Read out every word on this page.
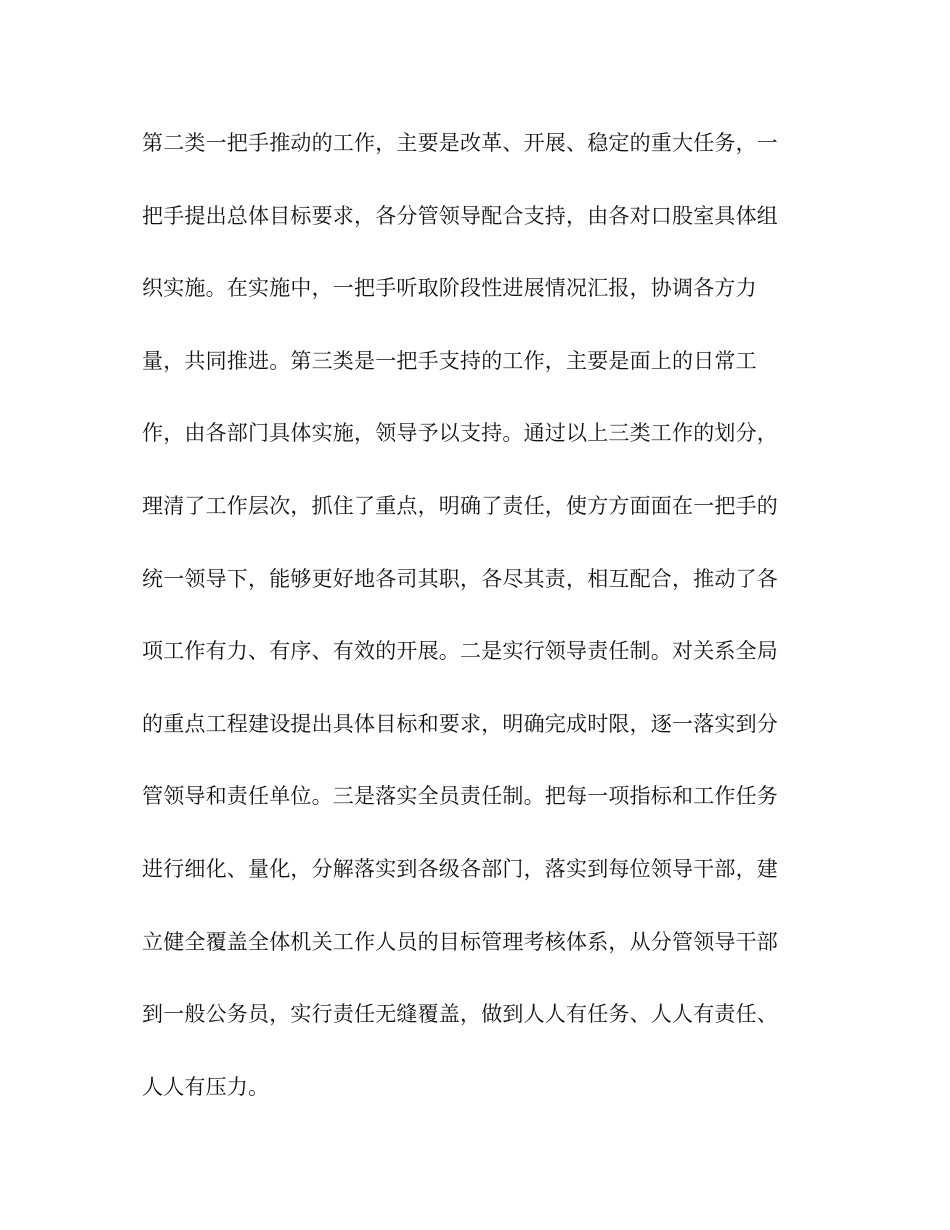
第二类一把手推动的工作，主要是改革、开展、稳定的重大任务，一
把手提出总体目标要求，各分管领导配合支持，由各对口股室具体组
织实施。在实施中，一把手听取阶段性进展情况汇报，协调各方力
量，共同推进。第三类是一把手支持的工作，主要是面上的日常工
作，由各部门具体实施，领导予以支持。通过以上三类工作的划分，
理清了工作层次，抓住了重点，明确了责任，使方方面面在一把手的
统一领导下，能够更好地各司其职，各尽其责，相互配合，推动了各
项工作有力、有序、有效的开展。二是实行领导责任制。对关系全局
的重点工程建设提出具体目标和要求，明确完成时限，逐一落实到分
管领导和责任单位。三是落实全员责任制。把每一项指标和工作任务
进行细化、量化，分解落实到各级各部门，落实到每位领导干部，建
立健全覆盖全体机关工作人员的目标管理考核体系，从分管领导干部
到一般公务员，实行责任无缝覆盖，做到人人有任务、人人有责任、
人人有压力。
